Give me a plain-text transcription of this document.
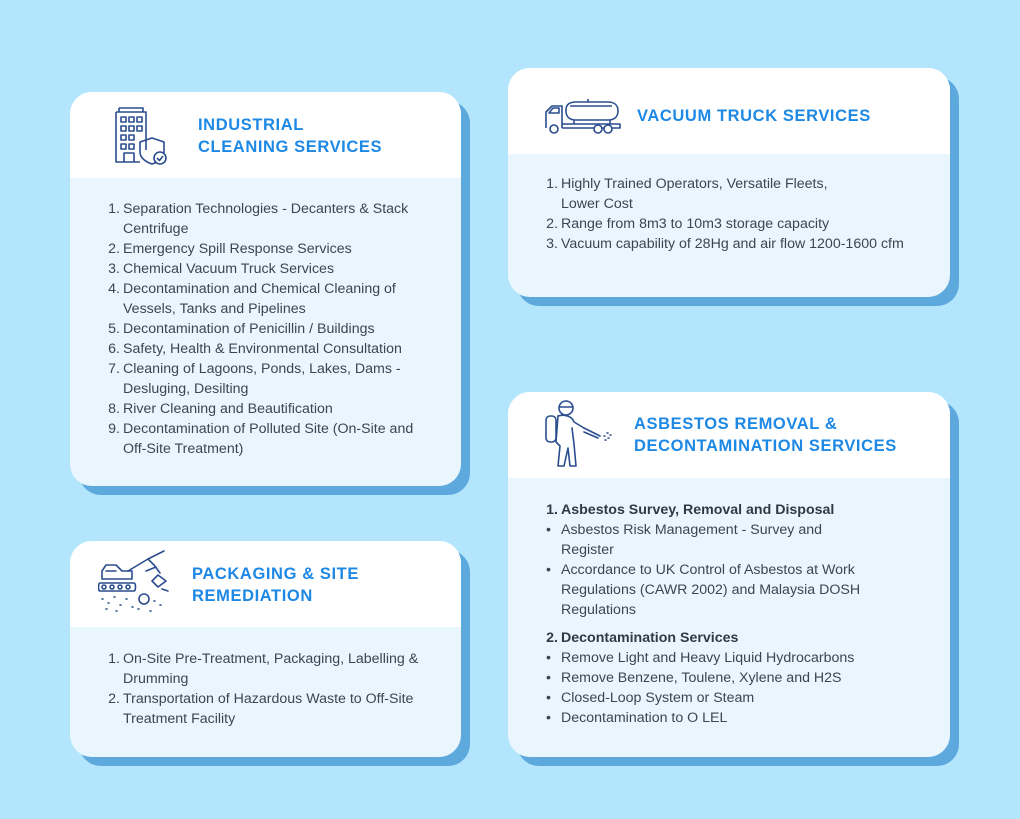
INDUSTRIAL
CLEANING SERVICES
1. Separation Technologies - Decanters & Stack Centrifuge
2. Emergency Spill Response Services
3. Chemical Vacuum Truck Services
4. Decontamination and Chemical Cleaning of Vessels, Tanks and Pipelines
5. Decontamination of Penicillin / Buildings
6. Safety, Health & Environmental Consultation
7. Cleaning of Lagoons, Ponds, Lakes, Dams - Desluging, Desilting
8. River Cleaning and Beautification
9. Decontamination of Polluted Site (On-Site and Off-Site Treatment)
VACUUM TRUCK SERVICES
1. Highly Trained Operators, Versatile Fleets, Lower Cost
2. Range from 8m3 to 10m3 storage capacity
3. Vacuum capability of 28Hg and air flow 1200-1600 cfm
PACKAGING & SITE
REMEDIATION
1. On-Site Pre-Treatment, Packaging, Labelling & Drumming
2. Transportation of Hazardous Waste to Off-Site Treatment Facility
ASBESTOS REMOVAL &
DECONTAMINATION SERVICES
1. Asbestos Survey, Removal and Disposal
• Asbestos Risk Management - Survey and Register
• Accordance to UK Control of Asbestos at Work Regulations (CAWR 2002) and Malaysia DOSH Regulations
2. Decontamination Services
• Remove Light and Heavy Liquid Hydrocarbons
• Remove Benzene, Toulene, Xylene and H2S
• Closed-Loop System or Steam
• Decontamination to O LEL
